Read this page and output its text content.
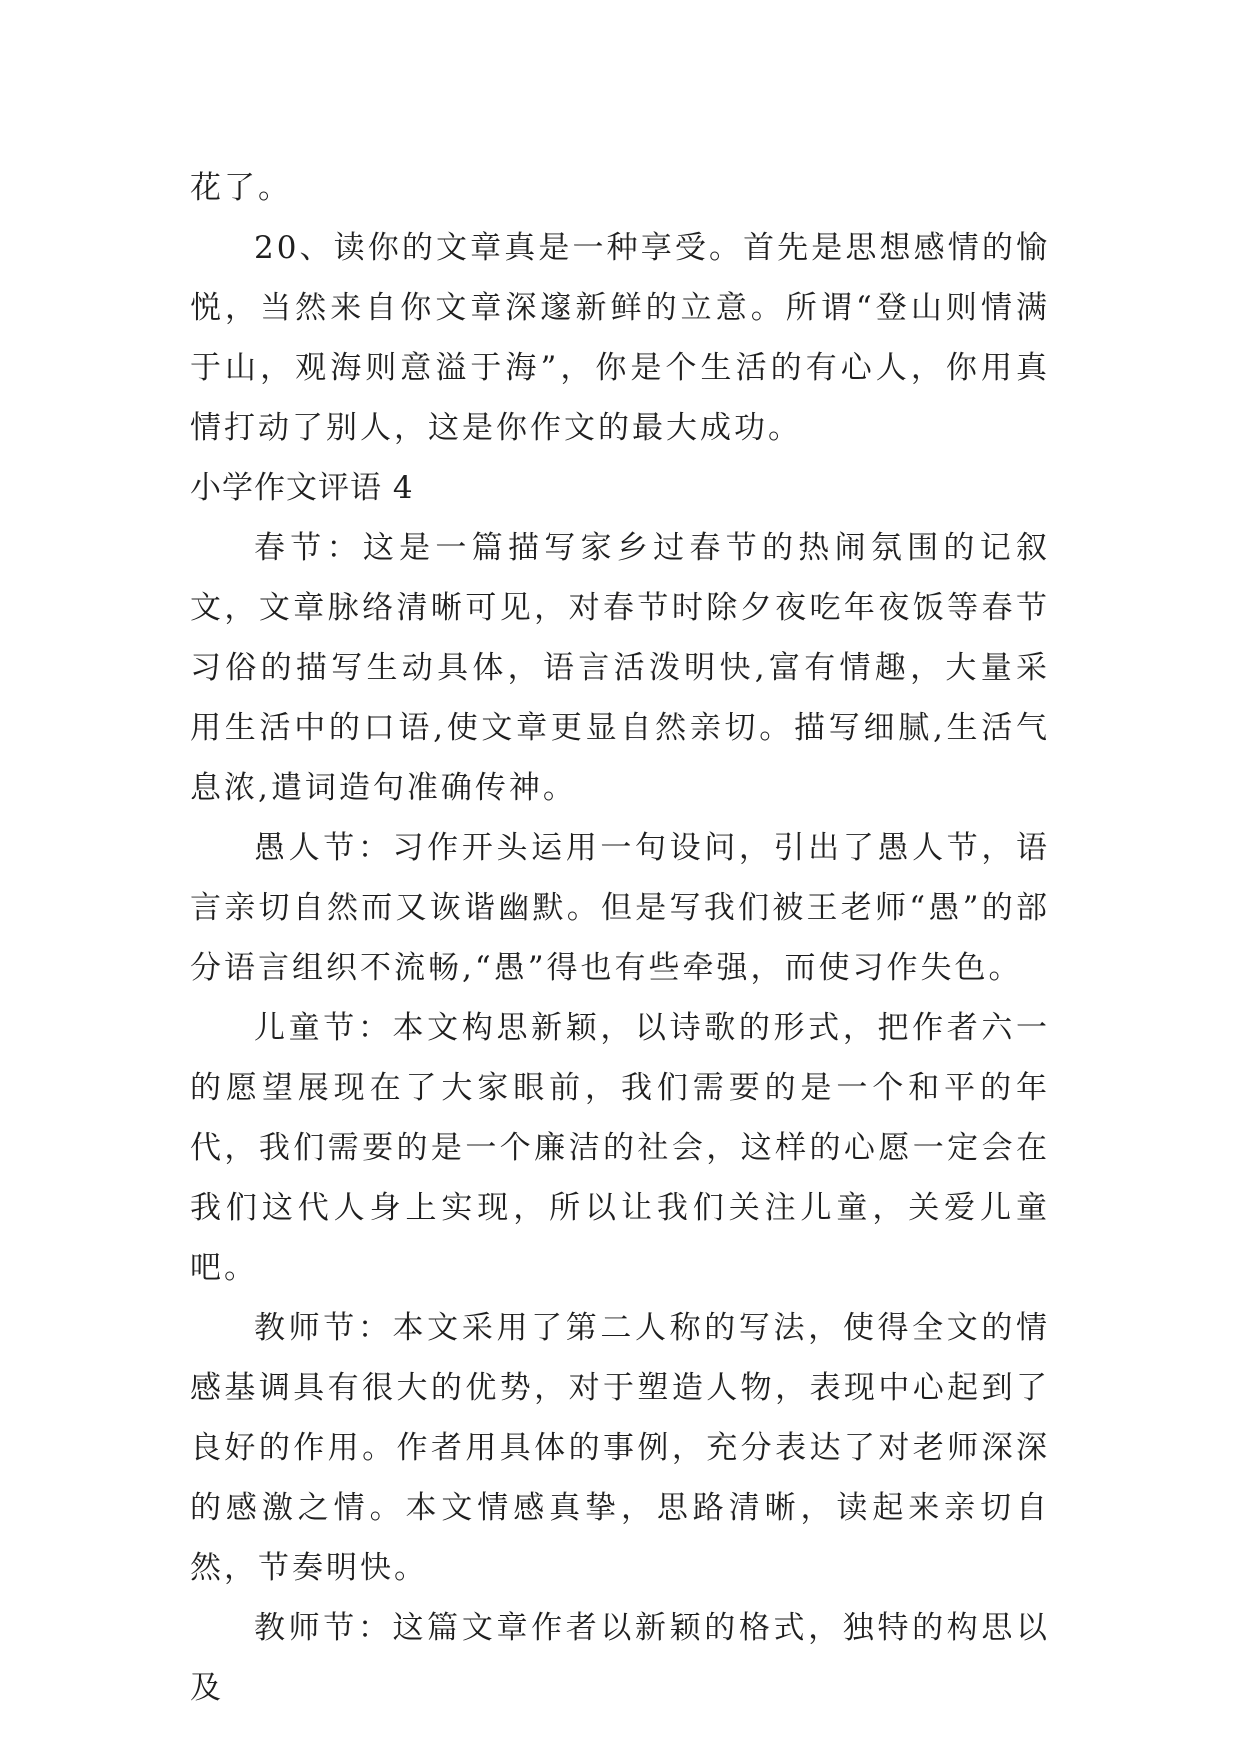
花了。

20、读你的文章真是一种享受。首先是思想感情的愉悦，当然来自你文章深邃新鲜的立意。所谓“登山则情满于山，观海则意溢于海”，你是个生活的有心人，你用真情打动了别人，这是你作文的最大成功。

小学作文评语 4

春节：这是一篇描写家乡过春节的热闹氛围的记叙文，文章脉络清晰可见，对春节时除夕夜吃年夜饭等春节习俗的描写生动具体，语言活泼明快,富有情趣，大量采用生活中的口语,使文章更显自然亲切。描写细腻,生活气息浓,遣词造句准确传神。

愚人节：习作开头运用一句设问，引出了愚人节，语言亲切自然而又诙谐幽默。但是写我们被王老师“愚”的部分语言组织不流畅,“愚”得也有些牵强，而使习作失色。

儿童节：本文构思新颖，以诗歌的形式，把作者六一的愿望展现在了大家眼前，我们需要的是一个和平的年代，我们需要的是一个廉洁的社会，这样的心愿一定会在我们这代人身上实现，所以让我们关注儿童，关爱儿童吧。

教师节：本文采用了第二人称的写法，使得全文的情感基调具有很大的优势，对于塑造人物，表现中心起到了良好的作用。作者用具体的事例，充分表达了对老师深深的感激之情。本文情感真挚，思路清晰，读起来亲切自然，节奏明快。

教师节：这篇文章作者以新颖的格式，独特的构思以及
